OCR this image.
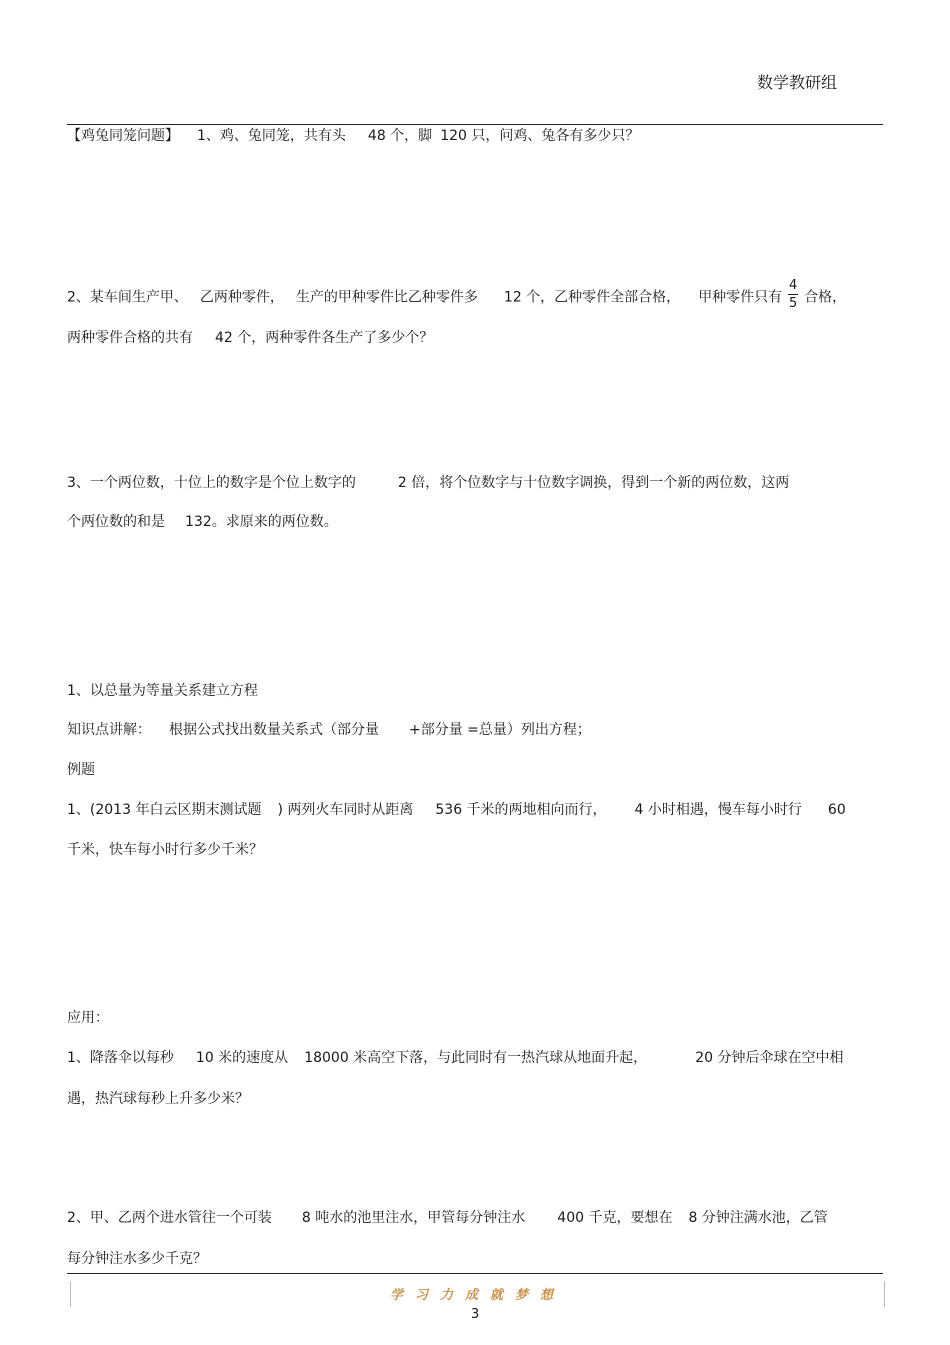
数学教研组
【鸡兔同笼问题】 1、鸡、兔同笼，共有头 48 个，脚 120 只，问鸡、兔各有多少只？
2、某车间生产甲、 乙两种零件， 生产的甲种零件比乙种零件多 12 个，乙种零件全部合格， 甲种零件只有 $\frac{4}{5}$ 合格，
两种零件合格的共有 42 个，两种零件各生产了多少个？
3、一个两位数，十位上的数字是个位上数字的	2 倍，将个位数字与十位数字调换，得到一个新的两位数，这两
个两位数的和是 132。求原来的两位数。
1、以总量为等量关系建立方程
知识点讲解： 根据公式找出数量关系式（部分量 +部分量 =总量）列出方程；
例题
1、(2013 年白云区期末测试题 ) 两列火车同时从距离 536 千米的两地相向而行， 4 小时相遇，慢车每小时行 60
千米，快车每小时行多少千米？
应用：
1、降落伞以每秒 10 米的速度从 18000 米高空下落，与此同时有一热汽球从地面升起，	20 分钟后伞球在空中相
遇，热汽球每秒上升多少米？
2、甲、乙两个进水管往一个可装 8 吨水的池里注水，甲管每分钟注水 400 千克，要想在 8 分钟注满水池，乙管
每分钟注水多少千克？
学习力成就梦想
3
